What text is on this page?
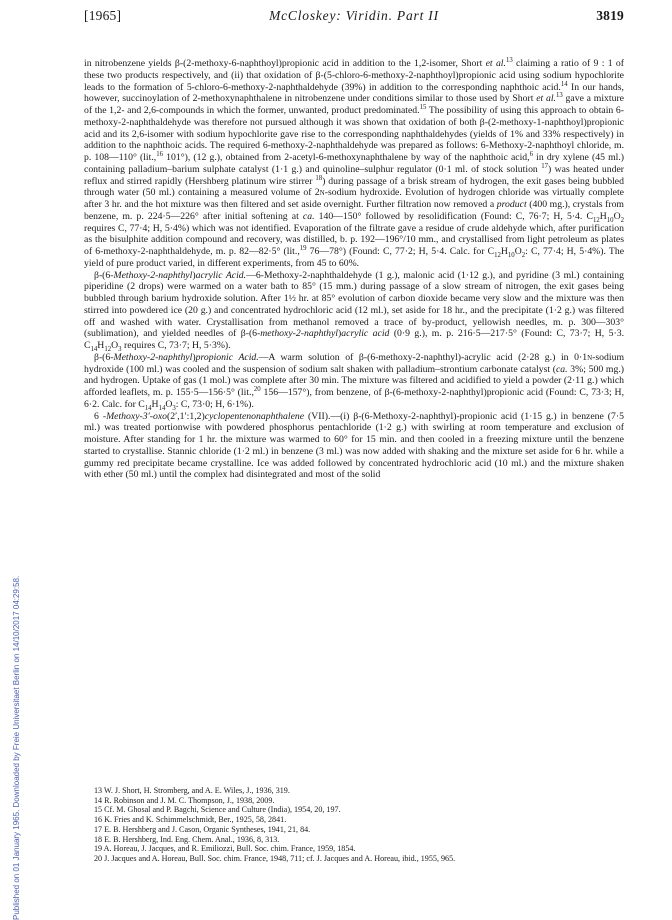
[1965]	McCloskey: Viridin. Part II	3819
Published on 01 January 1965. Downloaded by Freie Universitaet Berlin on 14/10/2017 04:29:58.

in nitrobenzene yields β-(2-methoxy-6-naphthoyl)propionic acid in addition to the 1,2-isomer, Short et al.$^{13}$ claiming a ratio of 9 : 1 of these two products respectively, and (ii) that oxidation of β-(5-chloro-6-methoxy-2-naphthoyl)propionic acid using sodium hypochlorite leads to the formation of 5-chloro-6-methoxy-2-naphthaldehyde (39%) in addition to the corresponding naphthoic acid.$^{14}$ In our hands, however, succinoylation of 2-methoxynaphthalene in nitrobenzene under conditions similar to those used by Short et al.$^{13}$ gave a mixture of the 1,2- and 2,6-compounds in which the former, unwanted, product predominated.$^{15}$ The possibility of using this approach to obtain 6-methoxy-2-naphthaldehyde was therefore not pursued although it was shown that oxidation of both β-(2-methoxy-1-naphthoyl)propionic acid and its 2,6-isomer with sodium hypochlorite gave rise to the corresponding naphthaldehydes (yields of 1% and 33% respectively) in addition to the naphthoic acids. The required 6-methoxy-2-naphthaldehyde was prepared as follows: 6-Methoxy-2-naphthoyl chloride, m. p. 108—110° (lit.,$^{16}$ 101°), (12 g.), obtained from 2-acetyl-6-methoxynaphthalene by way of the naphthoic acid,$^6$ in dry xylene (45 ml.) containing palladium–barium sulphate catalyst (1·1 g.) and quinoline–sulphur regulator (0·1 ml. of stock solution $^{17}$) was heated under reflux and stirred rapidly (Hershberg platinum wire stirrer $^{18}$) during passage of a brisk stream of hydrogen, the exit gases being bubbled through water (50 ml.) containing a measured volume of 2n-sodium hydroxide. Evolution of hydrogen chloride was virtually complete after 3 hr. and the hot mixture was then filtered and set aside overnight. Further filtration now removed a product (400 mg.), crystals from benzene, m. p. 224·5—226° after initial softening at ca. 140—150° followed by resolidification (Found: C, 76·7; H, 5·4. $C_{12}H_{10}O_2$ requires C, 77·4; H, 5·4%) which was not identified. Evaporation of the filtrate gave a residue of crude aldehyde which, after purification as the bisulphite addition compound and recovery, was distilled, b. p. 192—196°/10 mm., and crystallised from light petroleum as plates of 6-methoxy-2-naphthaldehyde, m. p. 82—82·5° (lit.,$^{19}$ 76—78°) (Found: C, 77·2; H, 5·4. Calc. for $C_{12}H_{10}O_2$: C, 77·4; H, 5·4%). The yield of pure product varied, in different experiments, from 45 to 60%.

β-(6-Methoxy-2-naphthyl)acrylic Acid.—6-Methoxy-2-naphthaldehyde (1 g.), malonic acid (1·12 g.), and pyridine (3 ml.) containing piperidine (2 drops) were warmed on a water bath to 85° (15 mm.) during passage of a slow stream of nitrogen, the exit gases being bubbled through barium hydroxide solution. After 1½ hr. at 85° evolution of carbon dioxide became very slow and the mixture was then stirred into powdered ice (20 g.) and concentrated hydrochloric acid (12 ml.), set aside for 18 hr., and the precipitate (1·2 g.) was filtered off and washed with water. Crystallisation from methanol removed a trace of by-product, yellowish needles, m. p. 300—303° (sublimation), and yielded needles of β-(6-methoxy-2-naphthyl)acrylic acid (0·9 g.), m. p. 216·5—217·5° (Found: C, 73·7; H, 5·3. $C_{14}H_{12}O_3$ requires C, 73·7; H, 5·3%).

β-(6-Methoxy-2-naphthyl)propionic Acid.—A warm solution of β-(6-methoxy-2-naphthyl)-acrylic acid (2·28 g.) in 0·1n-sodium hydroxide (100 ml.) was cooled and the suspension of sodium salt shaken with palladium–strontium carbonate catalyst (ca. 3%; 500 mg.) and hydrogen. Uptake of gas (1 mol.) was complete after 30 min. The mixture was filtered and acidified to yield a powder (2·11 g.) which afforded leaflets, m. p. 155·5—156·5° (lit.,$^{20}$ 156—157°), from benzene, of β-(6-methoxy-2-naphthyl)propionic acid (Found: C, 73·3; H, 6·2. Calc. for $C_{14}H_{14}O_3$: C, 73·0; H, 6·1%).

6 -Methoxy-3′-oxo(2′,1′:1,2)cyclopentenonaphthalene (VII).—(i) β-(6-Methoxy-2-naphthyl)-propionic acid (1·15 g.) in benzene (7·5 ml.) was treated portionwise with powdered phosphorus pentachloride (1·2 g.) with swirling at room temperature and exclusion of moisture. After standing for 1 hr. the mixture was warmed to 60° for 15 min. and then cooled in a freezing mixture until the benzene started to crystallise. Stannic chloride (1·2 ml.) in benzene (3 ml.) was now added with shaking and the mixture set aside for 6 hr. while a gummy red precipitate became crystalline. Ice was added followed by concentrated hydrochloric acid (10 ml.) and the mixture shaken with ether (50 ml.) until the complex had disintegrated and most of the solid

13 W. J. Short, H. Stromberg, and A. E. Wiles, J., 1936, 319.

14 R. Robinson and J. M. C. Thompson, J., 1938, 2009.

15 Cf. M. Ghosal and P. Bagchi, Science and Culture (India), 1954, 20, 197.

16 K. Fries and K. Schimmelschmidt, Ber., 1925, 58, 2841.

17 E. B. Hershberg and J. Cason, Organic Syntheses, 1941, 21, 84.

18 E. B. Hershberg, Ind. Eng. Chem. Anal., 1936, 8, 313.

19 A. Horeau, J. Jacques, and R. Emiliozzi, Bull. Soc. chim. France, 1959, 1854.

20 J. Jacques and A. Horeau, Bull. Soc. chim. France, 1948, 711; cf. J. Jacques and A. Horeau, ibid., 1955, 965.
